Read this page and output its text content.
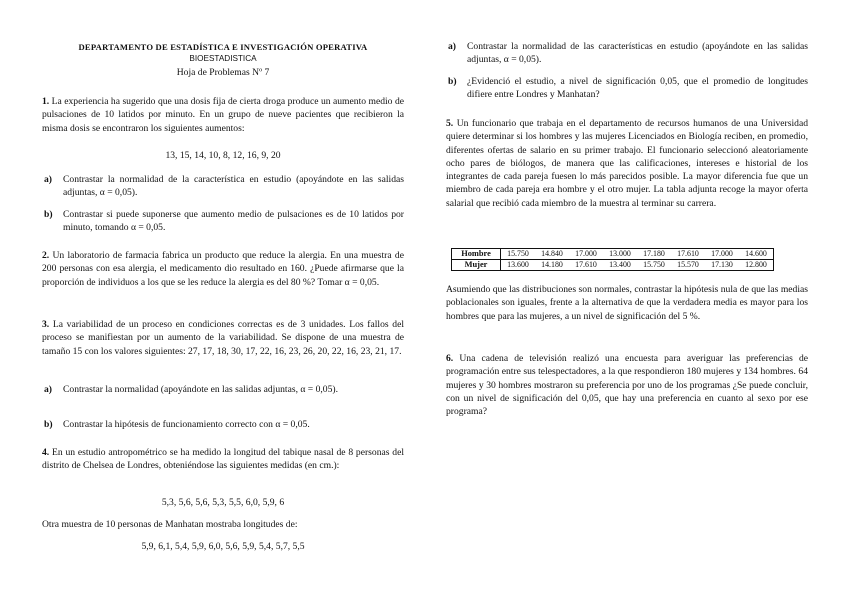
DEPARTAMENTO DE ESTADÍSTICA E INVESTIGACIÓN OPERATIVA
BIOESTADISTICA
Hoja de Problemas Nº 7

1. La experiencia ha sugerido que una dosis fija de cierta droga produce un aumento medio de pulsaciones de 10 latidos por minuto. En un grupo de nueve pacientes que recibieron la misma dosis se encontraron los siguientes aumentos:

13, 15, 14, 10, 8, 12, 16, 9, 20
a) Contrastar la normalidad de la característica en estudio (apoyándote en las salidas adjuntas, α = 0,05).
b) Contrastar si puede suponerse que aumento medio de pulsaciones es de 10 latidos por minuto, tomando α = 0,05.

2. Un laboratorio de farmacia fabrica un producto que reduce la alergia. En una muestra de 200 personas con esa alergia, el medicamento dio resultado en 160. ¿Puede afirmarse que la proporción de individuos a los que se les reduce la alergia es del 80 %? Tomar α = 0,05.

3. La variabilidad de un proceso en condiciones correctas es de 3 unidades. Los fallos del proceso se manifiestan por un aumento de la variabilidad. Se dispone de una muestra de tamaño 15 con los valores siguientes: 27, 17, 18, 30, 17, 22, 16, 23, 26, 20, 22, 16, 23, 21, 17.

a) Contrastar la normalidad (apoyándote en las salidas adjuntas, α = 0,05).
b) Contrastar la hipótesis de funcionamiento correcto con α = 0,05.

4. En un estudio antropométrico se ha medido la longitud del tabique nasal de 8 personas del distrito de Chelsea de Londres, obteniéndose las siguientes medidas (en cm.):

5,3, 5,6, 5,6, 5,3, 5,5, 6,0, 5,9, 6
Otra muestra de 10 personas de Manhatan mostraba longitudes de:
5,9, 6,1, 5,4, 5,9, 6,0, 5,6, 5,9, 5,4, 5,7, 5,5
a) Contrastar la normalidad de las características en estudio (apoyándote en las salidas adjuntas, α = 0,05).
b) ¿Evidenció el estudio, a nivel de significación 0,05, que el promedio de longitudes difiere entre Londres y Manhatan?

5. Un funcionario que trabaja en el departamento de recursos humanos de una Universidad quiere determinar si los hombres y las mujeres Licenciados en Biología reciben, en promedio, diferentes ofertas de salario en su primer trabajo. El funcionario seleccionó aleatoriamente ocho pares de biólogos, de manera que las calificaciones, intereses e historial de los integrantes de cada pareja fuesen lo más parecidos posible. La mayor diferencia fue que un miembro de cada pareja era hombre y el otro mujer. La tabla adjunta recoge la mayor oferta salarial que recibió cada miembro de la muestra al terminar su carrera.

Hombre	15.750	14.840	17.000	13.000	17.180	17.610	17.000	14.600
Mujer	13.600	14.180	17.610	13.400	15.750	15.570	17.130	12.800

Asumiendo que las distribuciones son normales, contrastar la hipótesis nula de que las medias poblacionales son iguales, frente a la alternativa de que la verdadera media es mayor para los hombres que para las mujeres, a un nivel de significación del 5 %.

6. Una cadena de televisión realizó una encuesta para averiguar las preferencias de programación entre sus telespectadores, a la que respondieron 180 mujeres y 134 hombres. 64 mujeres y 30 hombres mostraron su preferencia por uno de los programas ¿Se puede concluir, con un nivel de significación del 0,05, que hay una preferencia en cuanto al sexo por ese programa?
